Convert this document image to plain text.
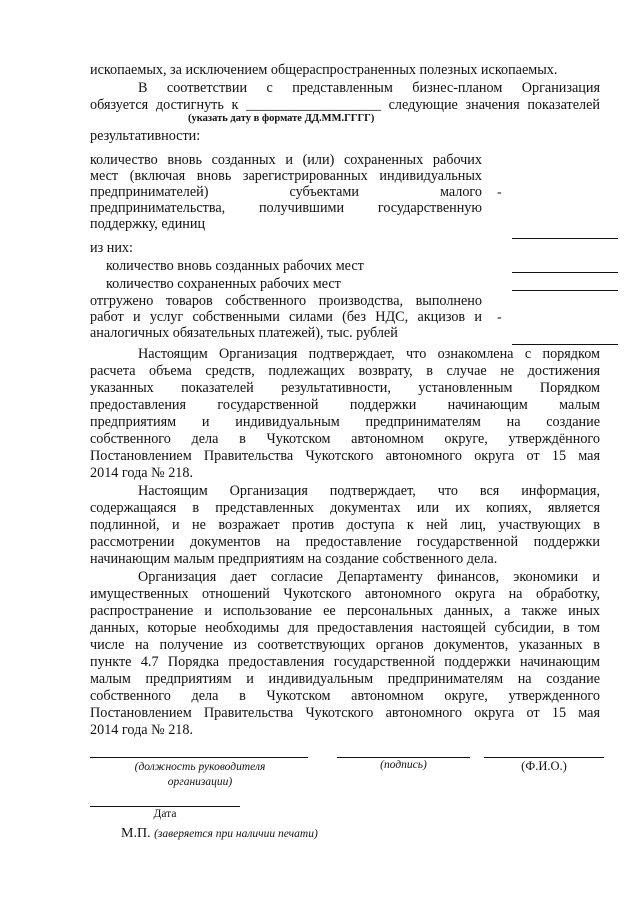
ископаемых, за исключением общераспространенных полезных ископаемых.
В соответствии с представленным бизнес-планом Организация
обязуется достигнуть к ___________________ следующие значения показателей
(указать дату в формате ДД.ММ.ГГГГ)
результативности:
количество вновь созданных и (или) сохраненных рабочих
мест (включая вновь зарегистрированных индивидуальных
предпринимателей) субъектами малого
предпринимательства, получившими государственную
поддержку, единиц
-
из них:
количество вновь созданных рабочих мест
количество сохраненных рабочих мест
отгружено товаров собственного производства, выполнено
работ и услуг собственными силами (без НДС, акцизов и
аналогичных обязательных платежей), тыс. рублей
-
Настоящим Организация подтверждает, что ознакомлена с порядком
расчета объема средств, подлежащих возврату, в случае не достижения
указанных показателей результативности, установленным Порядком
предоставления государственной поддержки начинающим малым
предприятиям и индивидуальным предпринимателям на создание
собственного дела в Чукотском автономном округе, утверждённого
Постановлением Правительства Чукотского автономного округа от 15 мая
2014 года № 218.
Настоящим Организация подтверждает, что вся информация,
содержащаяся в представленных документах или их копиях, является
подлинной, и не возражает против доступа к ней лиц, участвующих в
рассмотрении документов на предоставление государственной поддержки
начинающим малым предприятиям на создание собственного дела.
Организация дает согласие Департаменту финансов, экономики и
имущественных отношений Чукотского автономного округа на обработку,
распространение и использование ее персональных данных, а также иных
данных, которые необходимы для предоставления настоящей субсидии, в том
числе на получение из соответствующих органов документов, указанных в
пункте 4.7 Порядка предоставления государственной поддержки начинающим
малым предприятиям и индивидуальным предпринимателям на создание
собственного дела в Чукотском автономном округе, утвержденного
Постановлением Правительства Чукотского автономного округа от 15 мая
2014 года № 218.
(должность руководителя
организации)
(подпись)	(Ф.И.О.)
Дата
М.П. (заверяется при наличии печати)
